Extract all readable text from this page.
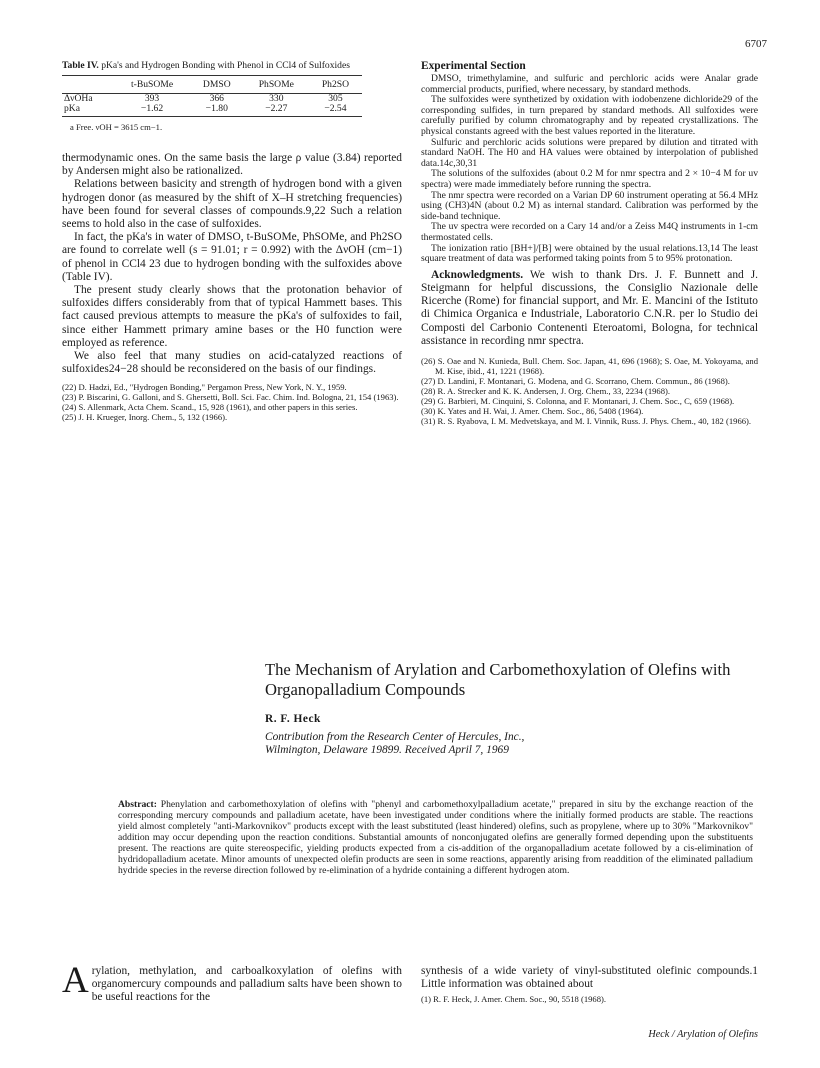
6707
Table IV. pKa's and Hydrogen Bonding with Phenol in CCl4 of Sulfoxides
	t-BuSOMe	DMSO	PhSOMe	Ph2SO
ΔνOHa	393	366	330	305
pKa	−1.62	−1.80	−2.27	−2.54
a Free. νOH = 3615 cm−1.

thermodynamic ones. On the same basis the large ρ value (3.84) reported by Andersen might also be rationalized.

Relations between basicity and strength of hydrogen bond with a given hydrogen donor (as measured by the shift of X–H stretching frequencies) have been found for several classes of compounds.9,22 Such a relation seems to hold also in the case of sulfoxides.

In fact, the pKa's in water of DMSO, t-BuSOMe, PhSOMe, and Ph2SO are found to correlate well (s = 91.01; r = 0.992) with the ΔνOH (cm−1) of phenol in CCl4 23 due to hydrogen bonding with the sulfoxides above (Table IV).

The present study clearly shows that the protonation behavior of sulfoxides differs considerably from that of typical Hammett bases. This fact caused previous attempts to measure the pKa's of sulfoxides to fail, since either Hammett primary amine bases or the H0 function were employed as reference.

We also feel that many studies on acid-catalyzed reactions of sulfoxides24−28 should be reconsidered on the basis of our findings.

(22) D. Hadzi, Ed., "Hydrogen Bonding," Pergamon Press, New York, N. Y., 1959.

(23) P. Biscarini, G. Galloni, and S. Ghersetti, Boll. Sci. Fac. Chim. Ind. Bologna, 21, 154 (1963).

(24) S. Allenmark, Acta Chem. Scand., 15, 928 (1961), and other papers in this series.

(25) J. H. Krueger, Inorg. Chem., 5, 132 (1966).

Experimental Section

DMSO, trimethylamine, and sulfuric and perchloric acids were Analar grade commercial products, purified, where necessary, by standard methods.

The sulfoxides were synthetized by oxidation with iodobenzene dichloride29 of the corresponding sulfides, in turn prepared by standard methods. All sulfoxides were carefully purified by column chromatography and by repeated crystallizations. The physical constants agreed with the best values reported in the literature.

Sulfuric and perchloric acids solutions were prepared by dilution and titrated with standard NaOH. The H0 and HA values were obtained by interpolation of published data.14c,30,31

The solutions of the sulfoxides (about 0.2 M for nmr spectra and 2 × 10−4 M for uv spectra) were made immediately before running the spectra.

The nmr spectra were recorded on a Varian DP 60 instrument operating at 56.4 MHz using (CH3)4N (about 0.2 M) as internal standard. Calibration was performed by the side-band technique.

The uv spectra were recorded on a Cary 14 and/or a Zeiss M4Q instruments in 1-cm thermostated cells.

The ionization ratio [BH+]/[B] were obtained by the usual relations.13,14 The least square treatment of data was performed taking points from 5 to 95% protonation.

Acknowledgments. We wish to thank Drs. J. F. Bunnett and J. Steigmann for helpful discussions, the Consiglio Nazionale delle Ricerche (Rome) for financial support, and Mr. E. Mancini of the Istituto di Chimica Organica e Industriale, Laboratorio C.N.R. per lo Studio dei Composti del Carbonio Contenenti Eteroatomi, Bologna, for technical assistance in recording nmr spectra.

(26) S. Oae and N. Kunieda, Bull. Chem. Soc. Japan, 41, 696 (1968); S. Oae, M. Yokoyama, and M. Kise, ibid., 41, 1221 (1968).

(27) D. Landini, F. Montanari, G. Modena, and G. Scorrano, Chem. Commun., 86 (1968).

(28) R. A. Strecker and K. K. Andersen, J. Org. Chem., 33, 2234 (1968).

(29) G. Barbieri, M. Cinquini, S. Colonna, and F. Montanari, J. Chem. Soc., C, 659 (1968).

(30) K. Yates and H. Wai, J. Amer. Chem. Soc., 86, 5408 (1964).

(31) R. S. Ryabova, I. M. Medvetskaya, and M. I. Vinnik, Russ. J. Phys. Chem., 40, 182 (1966).

The Mechanism of Arylation and Carbomethoxylation of Olefins with Organopalladium Compounds
R. F. Heck
Contribution from the Research Center of Hercules, Inc.,
Wilmington, Delaware 19899. Received April 7, 1969
Abstract: Phenylation and carbomethoxylation of olefins with "phenyl and carbomethoxylpalladium acetate," prepared in situ by the exchange reaction of the corresponding mercury compounds and palladium acetate, have been investigated under conditions where the initially formed products are stable. The reactions yield almost completely "anti-Markovnikov" products except with the least substituted (least hindered) olefins, such as propylene, where up to 30% "Markovnikov" addition may occur depending upon the reaction conditions. Substantial amounts of nonconjugated olefins are generally formed depending upon the substituents present. The reactions are quite stereospecific, yielding products expected from a cis-addition of the organopalladium acetate followed by a cis-elimination of hydridopalladium acetate. Minor amounts of unexpected olefin products are seen in some reactions, apparently arising from readdition of the eliminated palladium hydride species in the reverse direction followed by re-elimination of a hydride containing a different hydrogen atom.
A rylation, methylation, and carboalkoxylation of olefins with organomercury compounds and palladium salts have been shown to be useful reactions for the
synthesis of a wide variety of vinyl-substituted olefinic compounds.1 Little information was obtained about
(1) R. F. Heck, J. Amer. Chem. Soc., 90, 5518 (1968).
Heck / Arylation of Olefins
